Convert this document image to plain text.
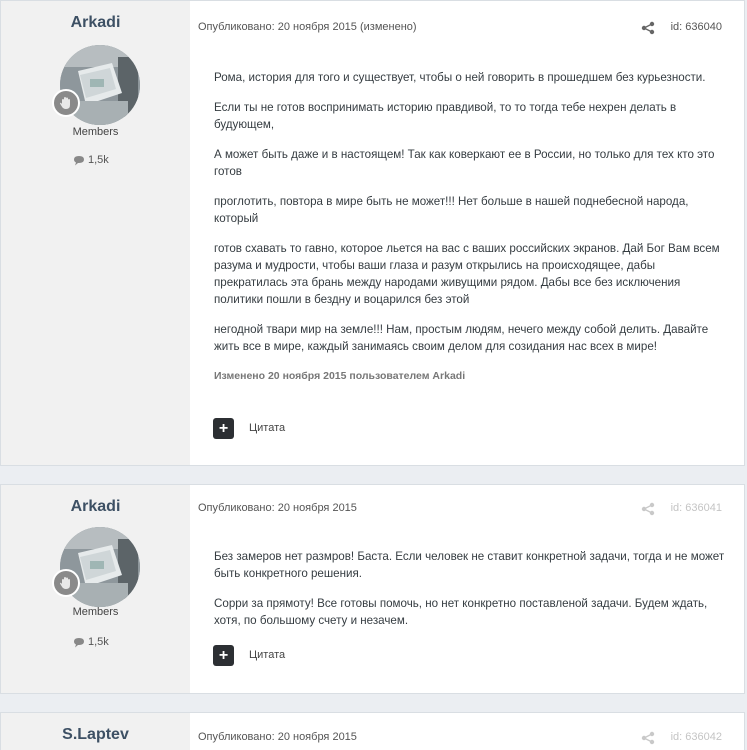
Arkadi
Members
1,5k
Опубликовано: 20 ноября 2015 (изменено)	id: 636040

Рома, история для того и существует, чтобы о ней говорить в прошедшем без курьезности.

Если ты не готов воспринимать историю правдивой, то то тогда тебе нехрен делать в будующем,

А может быть даже и в настоящем! Так как коверкают ее в России, но только для тех кто это готов

проглотить, повтора в мире быть не может!!! Нет больше в нашей поднебесной народа, который

готов схавать то гавно, которое льется на вас с ваших российских экранов. Дай Бог Вам всем разума и мудрости, чтобы ваши глаза и разум открылись на происходящее, дабы прекратилась эта брань между народами живущими рядом. Дабы все без исключения политики пошли в бездну и воцарился без этой

негодной твари мир на земле!!! Нам, простым людям, нечего между собой делить. Давайте жить все в мире, каждый занимаясь своим делом для созидания нас всех в мире!

Изменено 20 ноября 2015 пользователем Arkadi

+ Цитата
Arkadi
Members
1,5k
Опубликовано: 20 ноября 2015	id: 636041

Без замеров нет размров! Баста. Если человек не ставит конкретной задачи, тогда и не может быть конкретного решения.

Сорри за прямоту! Все готовы помочь, но нет конкретно поставленой задачи. Будем ждать, хотя, по большому счету и незачем.

+ Цитата
S.Laptev	Опубликовано: 20 ноября 2015	id: 636042
